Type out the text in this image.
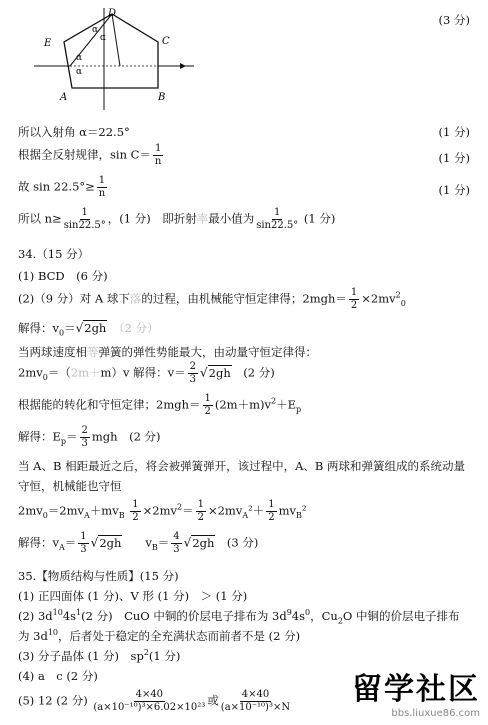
D
E	C
A	B
α
α
α
α
(3 分)
所以入射角 α＝22.5°	(1 分)
根据全反射规律，$\sin C= \frac{1}{n}$	(1 分)
故 $\sin 22.5^\circ\ge \frac{1}{n}$	(1 分)
所以 $n\ge \frac{1}{\sin 22.5^\circ}$ ，(1 分)　即折射率最小值为 $\frac{1}{\sin 22.5^\circ} (1$ 分)
34.（15 分）
(1) BCD　(6 分)
(2)（9 分）对 A 球下落的过程，由机械能守恒定律得；$2mgh= \frac{1}{2} \times 2mv^2_0$
解得：$v_0=√2gh$　 （2 分）
当两球速度相等弹簧的弹性势能最大，由动量守恒定律得：
$2mv_0=(2m+m)v$ 解得：$v= \frac{2}{3} √2gh$　 (2 分)
根据能的转化和守恒定律；$2mgh= \frac{1}{2} (2m+m)v^2+E_p$
解得：$E_p= \frac{2}{3}$ mgh　(2 分)
当 A、B 相距最近之后，将会被弹簧弹开，该过程中，A、B 两球和弹簧组成的系统动量
守恒，机械能也守恒
$2mv_0=2mv_A+mv_B \frac{1}{2} \times 2mv^2= \frac{1}{2} \times 2mv_A^2+ \frac{1}{2} mv_B^2$
解得：$v_A= \frac{1}{3} √2gh$　　 $v_B= \frac{4}{3} √2gh$　 (3 分)
35.【物质结构与性质】(15 分)
(1) 正四面体 (1 分)、V 形 (1 分)　＞ (1 分)
(2) $3d^{10}4s^1(2$ 分)　CuO 中铜的价层电子排布为 $3d^94s^0$，$Cu_2O$ 中铜的价层电子排布
为 $3d^{10}$，后者处于稳定的全充满状态而前者不是 (2 分)
(3) 分子晶体 (1 分)　$sp^2(1$ 分)
(4) a　c (2 分)
(5) 12 (2 分) $\frac{4\times 40}{\text{(a×10⁻¹⁰)³×6.02×10²³}}$ 或 $\frac{4\times 40}{\text{(a×10⁻¹⁰)³×N}}$ 留学社区
bbs.liuxue86.com
